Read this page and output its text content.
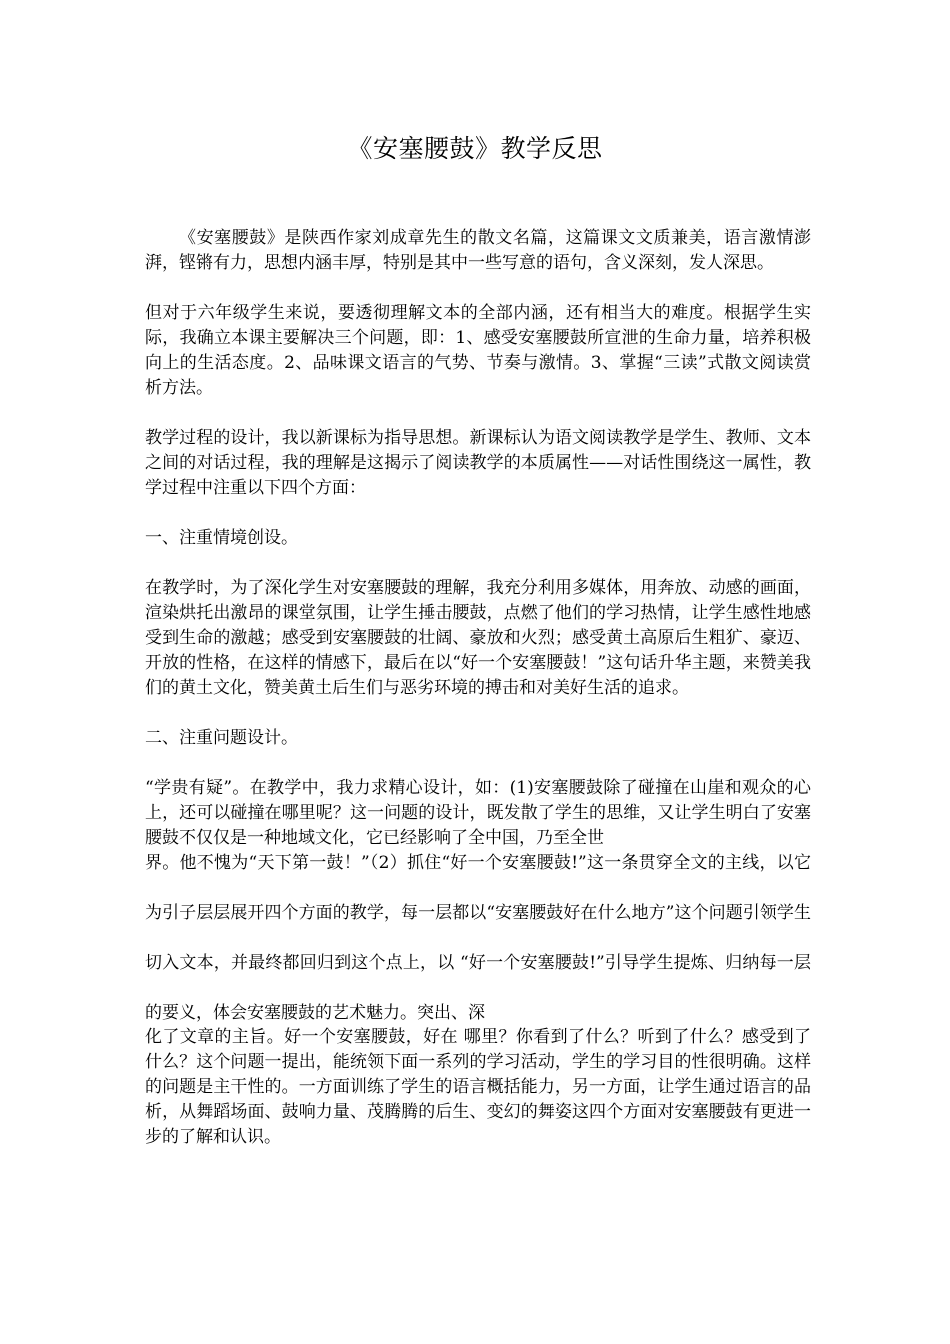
《安塞腰鼓》教学反思

《安塞腰鼓》是陕西作家刘成章先生的散文名篇，这篇课文文质兼美，语言激情澎湃，铿锵有力，思想内涵丰厚，特别是其中一些写意的语句，含义深刻，发人深思。

但对于六年级学生来说，要透彻理解文本的全部内涵，还有相当大的难度。根据学生实际，我确立本课主要解决三个问题，即：1、感受安塞腰鼓所宣泄的生命力量，培养积极向上的生活态度。2、品味课文语言的气势、节奏与激情。3、掌握“三读”式散文阅读赏析方法。

教学过程的设计，我以新课标为指导思想。新课标认为语文阅读教学是学生、教师、文本之间的对话过程，我的理解是这揭示了阅读教学的本质属性——对话性围绕这一属性，教学过程中注重以下四个方面：

一、注重情境创设。

在教学时，为了深化学生对安塞腰鼓的理解，我充分利用多媒体，用奔放、动感的画面，渲染烘托出激昂的课堂氛围，让学生捶击腰鼓，点燃了他们的学习热情，让学生感性地感受到生命的激越；感受到安塞腰鼓的壮阔、豪放和火烈；感受黄土高原后生粗犷、豪迈、开放的性格，在这样的情感下，最后在以“好一个安塞腰鼓！”这句话升华主题，来赞美我们的黄土文化，赞美黄土后生们与恶劣环境的搏击和对美好生活的追求。

二、注重问题设计。

“学贵有疑”。在教学中，我力求精心设计，如：(1)安塞腰鼓除了碰撞在山崖和观众的心上，还可以碰撞在哪里呢？这一问题的设计，既发散了学生的思维，又让学生明白了安塞腰鼓不仅仅是一种地域文化，它已经影响了全中国，乃至全世

界。他不愧为“天下第一鼓！”（2）抓住“好一个安塞腰鼓!”这一条贯穿全文的主线，以它为引子层层展开四个方面的教学，每一层都以“安塞腰鼓好在什么地方”这个问题引领学生切入文本，并最终都回归到这个点上，以 “好一个安塞腰鼓!”引导学生提炼、归纳每一层的要义，体会安塞腰鼓的艺术魅力。突出、深

化了文章的主旨。好一个安塞腰鼓，好在 哪里？你看到了什么？听到了什么？感受到了什么？这个问题一提出，能统领下面一系列的学习活动，学生的学习目的性很明确。这样的问题是主干性的。一方面训练了学生的语言概括能力，另一方面，让学生通过语言的品析，从舞蹈场面、鼓响力量、茂腾腾的后生、变幻的舞姿这四个方面对安塞腰鼓有更进一步的了解和认识。
